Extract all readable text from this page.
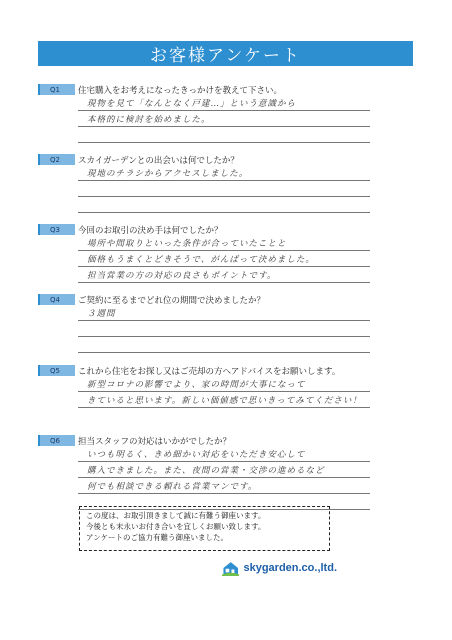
お客様アンケート
Q1	住宅購入をお考えになったきっかけを教えて下さい。
現物を見て「なんとなく戸建…」という意識から
本格的に検討を始めました。
Q2	スカイガーデンとの出会いは何でしたか？
現地のチラシからアクセスしました。
Q3	今回のお取引の決め手は何でしたか？
場所や間取りといった条件が合っていたことと
価格もうまくとどきそうで、がんばって決めました。
担当営業の方の対応の良さもポイントです。
Q4	ご契約に至るまでどれ位の期間で決めましたか？
３週間
Q5	これから住宅をお探し又はご売却の方へアドバイスをお願いします。
新型コロナの影響でより、家の時間が大事になって
きていると思います。新しい価値感で思いきってみてください！
Q6	担当スタッフの対応はいかがでしたか？
いつも明るく、きめ細かい対応をいただき安心して
購入できました。また、夜間の営業・交渉の進めるなど
何でも相談できる頼れる営業マンです。
この度は、お取引頂きまして誠に有難う御座います。
今後とも末永いお付き合いを宜しくお願い致します。
アンケートのご協力有難う御座いました。
skygarden.co.,ltd.
